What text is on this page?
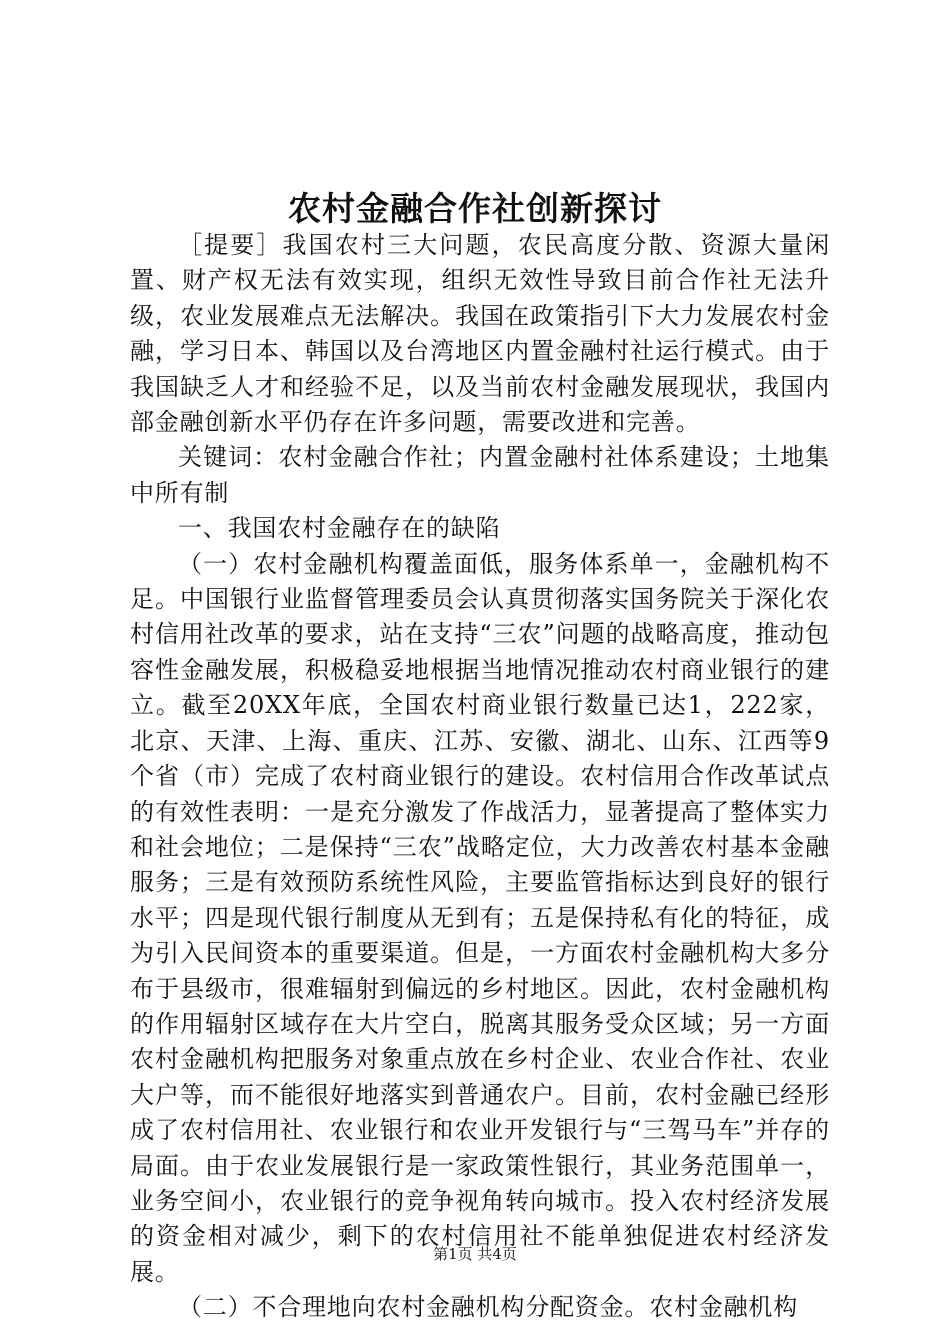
农村金融合作社创新探讨

［提要］我国农村三大问题，农民高度分散、资源大量闲置、财产权无法有效实现，组织无效性导致目前合作社无法升级，农业发展难点无法解决。我国在政策指引下大力发展农村金融，学习日本、韩国以及台湾地区内置金融村社运行模式。由于我国缺乏人才和经验不足，以及当前农村金融发展现状，我国内部金融创新水平仍存在许多问题，需要改进和完善。

关键词：农村金融合作社；内置金融村社体系建设；土地集中所有制

一、我国农村金融存在的缺陷

（一）农村金融机构覆盖面低，服务体系单一，金融机构不足。中国银行业监督管理委员会认真贯彻落实国务院关于深化农村信用社改革的要求，站在支持“三农”问题的战略高度，推动包容性金融发展，积极稳妥地根据当地情况推动农村商业银行的建立。截至20XX年底，全国农村商业银行数量已达1，222家，北京、天津、上海、重庆、江苏、安徽、湖北、山东、江西等9个省（市）完成了农村商业银行的建设。农村信用合作改革试点的有效性表明：一是充分激发了作战活力，显著提高了整体实力和社会地位；二是保持“三农”战略定位，大力改善农村基本金融服务；三是有效预防系统性风险，主要监管指标达到良好的银行水平；四是现代银行制度从无到有；五是保持私有化的特征，成为引入民间资本的重要渠道。但是，一方面农村金融机构大多分布于县级市，很难辐射到偏远的乡村地区。因此，农村金融机构的作用辐射区域存在大片空白，脱离其服务受众区域；另一方面农村金融机构把服务对象重点放在乡村企业、农业合作社、农业大户等，而不能很好地落实到普通农户。目前，农村金融已经形成了农村信用社、农业银行和农业开发银行与“三驾马车”并存的局面。由于农业发展银行是一家政策性银行，其业务范围单一，业务空间小，农业银行的竞争视角转向城市。投入农村经济发展的资金相对减少，剩下的农村信用社不能单独促进农村经济发展。

（二）不合理地向农村金融机构分配资金。农村金融机构

第1页 共4页
